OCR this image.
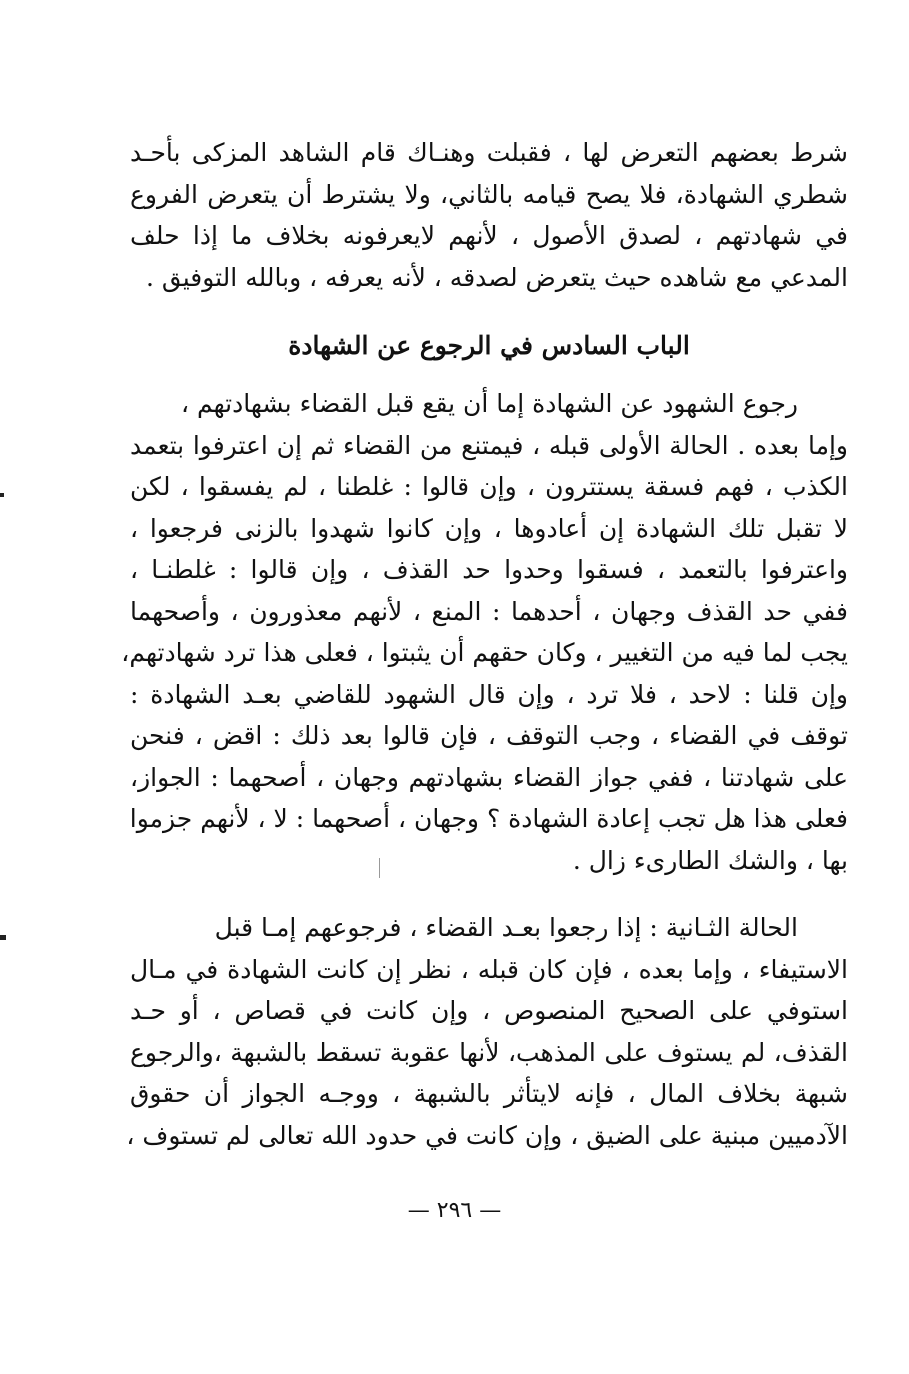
شرط بعضهم التعرض لها ، فقبلت وهنـاك قام الشاهد المزكى بأحـد
شطري الشهادة، فلا يصح قيامه بالثاني، ولا يشترط أن يتعرض الفروع
في شهادتهم ، لصدق الأصول ، لأنهم لايعرفونه بخلاف ما إذا حلف
المدعي مع شاهده حيث يتعرض لصدقه ، لأنه يعرفه ، وبالله التوفيق .
الباب السادس في الرجوع عن الشهادة
رجوع الشهود عن الشهادة إما أن يقع قبل القضاء بشهادتهم ،
وإما بعده . الحالة الأولى قبله ، فيمتنع من القضاء ثم إن اعترفوا بتعمد
الكذب ، فهم فسقة يستترون ، وإن قالوا : غلطنا ، لم يفسقوا ، لكن
لا تقبل تلك الشهادة إن أعادوها ، وإن كانوا شهدوا بالزنى فرجعوا ،
واعترفوا بالتعمد ، فسقوا وحدوا حد القذف ، وإن قالوا : غلطنـا ،
ففي حد القذف وجهان ، أحدهما : المنع ، لأنهم معذورون ، وأصحهما
يجب لما فيه من التغيير ، وكان حقهم أن يثبتوا ، فعلى هذا ترد شهادتهم،
وإن قلنا : لاحد ، فلا ترد ، وإن قال الشهود للقاضي بعـد الشهادة :
توقف في القضاء ، وجب التوقف ، فإن قالوا بعد ذلك : اقض ، فنحن
على شهادتنا ، ففي جواز القضاء بشهادتهم وجهان ، أصحهما : الجواز،
فعلى هذا هل تجب إعادة الشهادة ؟ وجهان ، أصحهما : لا ، لأنهم جزموا
بها ، والشك الطارىء زال .
الحالة الثـانية : إذا رجعوا بعـد القضاء ، فرجوعهم إمـا قبل
الاستيفاء ، وإما بعده ، فإن كان قبله ، نظر إن كانت الشهادة في مـال
استوفي على الصحيح المنصوص ، وإن كانت في قصاص ، أو حـد
القذف، لم يستوف على المذهب، لأنها عقوبة تسقط بالشبهة ،والرجوع
شبهة بخلاف المال ، فإنه لايتأثر بالشبهة ، ووجـه الجواز أن حقوق
الآدميين مبنية على الضيق ، وإن كانت في حدود الله تعالى لم تستوف ،
— ٢٩٦ —
